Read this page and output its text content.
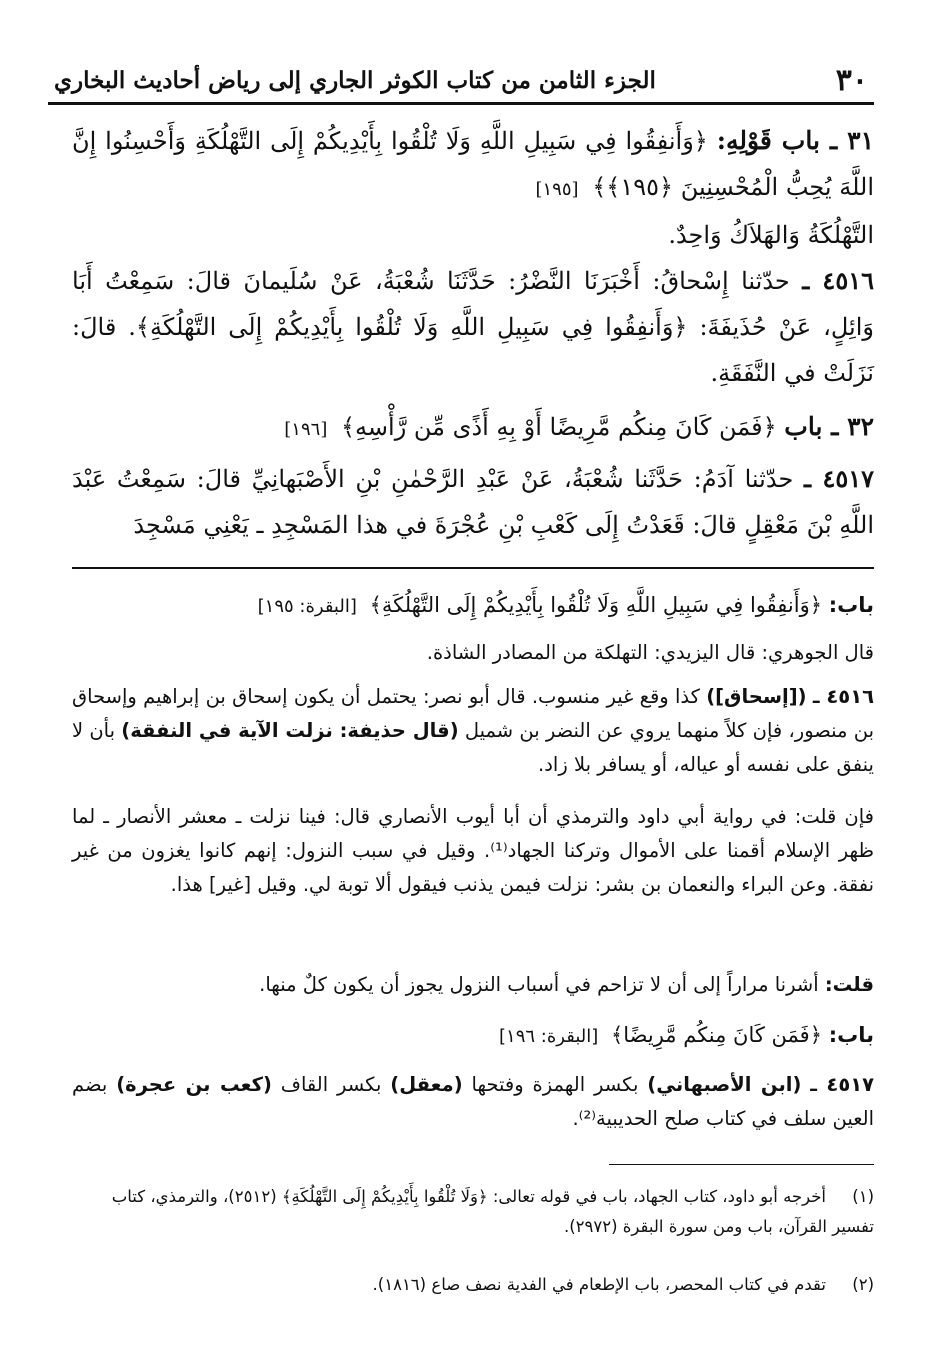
٣٠
الجزء الثامن من كتاب الكوثر الجاري إلى رياض أحاديث البخاري
٣١ ـ باب قَوْلِهِ: ﴿وَأَنفِقُوا فِي سَبِيلِ اللَّهِ وَلَا تُلْقُوا بِأَيْدِيكُمْ إِلَى التَّهْلُكَةِ وَأَحْسِنُوا إِنَّ اللَّهَ يُحِبُّ الْمُحْسِنِينَ ﴿١٩٥﴾﴾ [١٩٥]
التَّهْلُكَةُ وَالهَلاَكُ وَاحِدٌ.
٤٥١٦ ـ حدّثنا إِسْحاقُ: أَخْبَرَنَا النَّضْرُ: حَدَّثَنَا شُعْبَةُ، عَنْ سُلَيمانَ قالَ: سَمِعْتُ أَبَا وَائِلٍ، عَنْ حُذَيفَةَ: ﴿وَأَنفِقُوا فِي سَبِيلِ اللَّهِ وَلَا تُلْقُوا بِأَيْدِيكُمْ إِلَى التَّهْلُكَةِ﴾. قالَ: نَزَلَتْ في النَّفَقَةِ.
٣٢ ـ باب ﴿فَمَن كَانَ مِنكُم مَّرِيضًا أَوْ بِهِ أَذًى مِّن رَّأْسِهِ﴾ [١٩٦]
٤٥١٧ ـ حدّثنا آدَمُ: حَدَّثَنا شُعْبَةُ، عَنْ عَبْدِ الرَّحْمٰنِ بْنِ الأَصْبَهانِيِّ قالَ: سَمِعْتُ عَبْدَ اللَّهِ بْنَ مَعْقِلٍ قالَ: قَعَدْتُ إِلَى كَعْبِ بْنِ عُجْرَةَ في هذا المَسْجِدِ ـ يَعْنِي مَسْجِدَ
باب: ﴿وَأَنفِقُوا فِي سَبِيلِ اللَّهِ وَلَا تُلْقُوا بِأَيْدِيكُمْ إِلَى التَّهْلُكَةِ﴾ [البقرة: ١٩٥]
قال الجوهري: قال اليزيدي: التهلكة من المصادر الشاذة.
٤٥١٦ ـ ([إسحاق]) كذا وقع غير منسوب. قال أبو نصر: يحتمل أن يكون إسحاق بن إبراهيم وإسحاق بن منصور، فإن كلاً منهما يروي عن النضر بن شميل (قال حذيفة: نزلت الآية في النفقة) بأن لا ينفق على نفسه أو عياله، أو يسافر بلا زاد.
فإن قلت: في رواية أبي داود والترمذي أن أبا أيوب الأنصاري قال: فينا نزلت ـ معشر الأنصار ـ لما ظهر الإسلام أقمنا على الأموال وتركنا الجهاد⁽¹⁾. وقيل في سبب النزول: إنهم كانوا يغزون من غير نفقة. وعن البراء والنعمان بن بشر: نزلت فيمن يذنب فيقول ألا توبة لي. وقيل [غير] هذا.
قلت: أشرنا مراراً إلى أن لا تزاحم في أسباب النزول يجوز أن يكون كلٌ منها.
باب: ﴿فَمَن كَانَ مِنكُم مَّرِيضًا﴾ [البقرة: ١٩٦]
٤٥١٧ ـ (ابن الأصبهاني) بكسر الهمزة وفتحها (معقل) بكسر القاف (كعب بن عجرة) بضم العين سلف في كتاب صلح الحديبية⁽²⁾.
(١)أخرجه أبو داود، كتاب الجهاد، باب في قوله تعالى: ﴿وَلَا تُلْقُوا بِأَيْدِيكُمْ إِلَى التَّهْلُكَةِ﴾ (٢٥١٢)، والترمذي، كتاب تفسير القرآن، باب ومن سورة البقرة (٢٩٧٢).
(٢)تقدم في كتاب المحصر، باب الإطعام في الفدية نصف صاع (١٨١٦).
